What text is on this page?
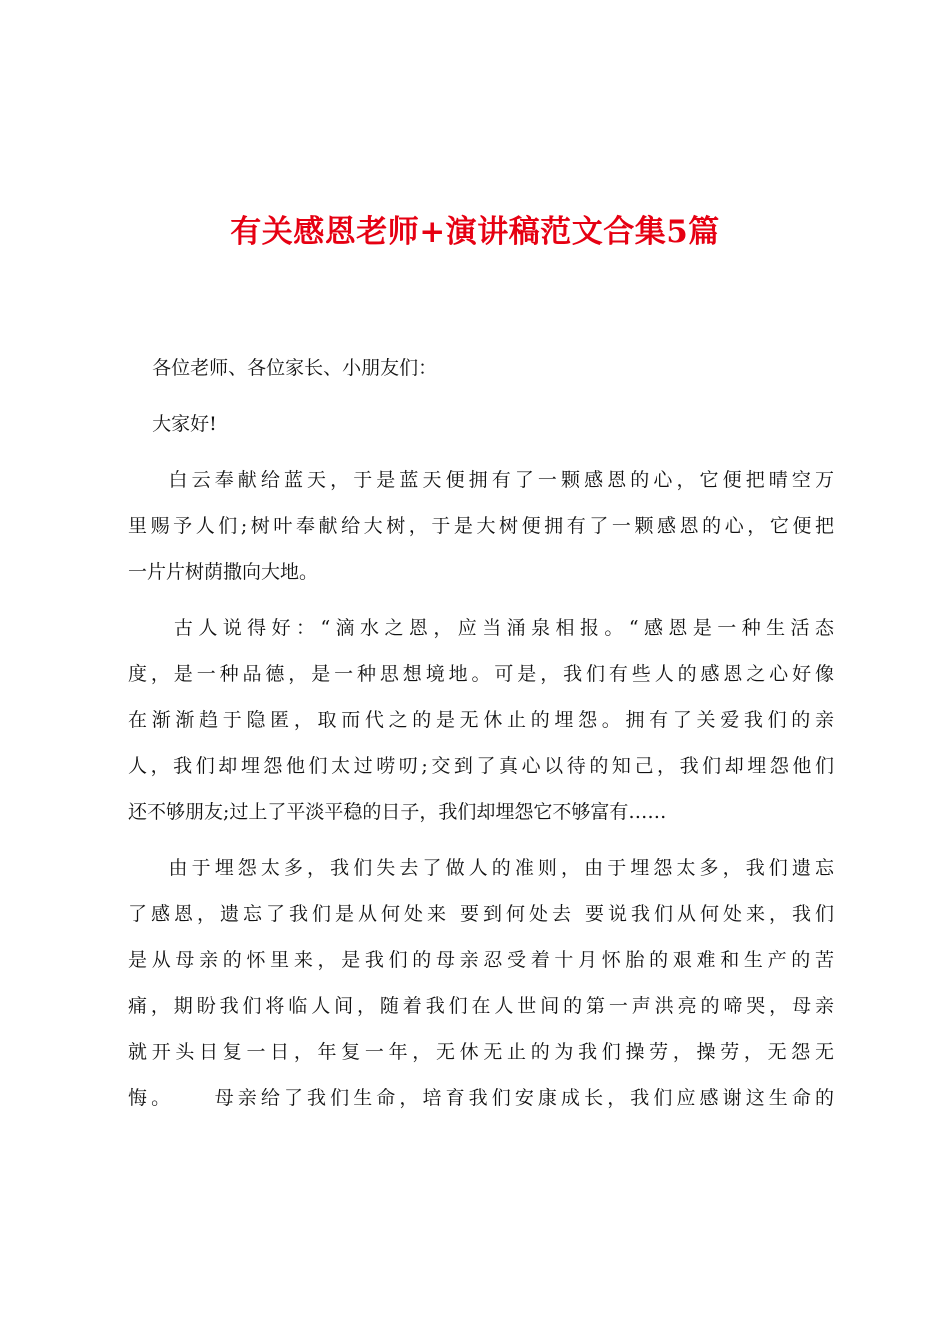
有关感恩老师+演讲稿范文合集5篇
各位老师、各位家长、小朋友们：
大家好!
白云奉献给蓝天，于是蓝天便拥有了一颗感恩的心，它便把晴空万
里赐予人们;树叶奉献给大树，于是大树便拥有了一颗感恩的心，它便把
一片片树荫撒向大地。
古人说得好：“滴水之恩，应当涌泉相报。“感恩是一种生活态
度，是一种品德，是一种思想境地。可是，我们有些人的感恩之心好像
在渐渐趋于隐匿，取而代之的是无休止的埋怨。拥有了关爱我们的亲
人，我们却埋怨他们太过唠叨;交到了真心以待的知己，我们却埋怨他们
还不够朋友;过上了平淡平稳的日子，我们却埋怨它不够富有……
由于埋怨太多，我们失去了做人的准则，由于埋怨太多，我们遗忘
了感恩，遗忘了我们是从何处来 要到何处去 要说我们从何处来，我们
是从母亲的怀里来，是我们的母亲忍受着十月怀胎的艰难和生产的苦
痛，期盼我们将临人间，随着我们在人世间的第一声洪亮的啼哭，母亲
就开头日复一日，年复一年，无休无止的为我们操劳，操劳，无怨无
悔。    母亲给了我们生命，培育我们安康成长，我们应感谢这生命的
